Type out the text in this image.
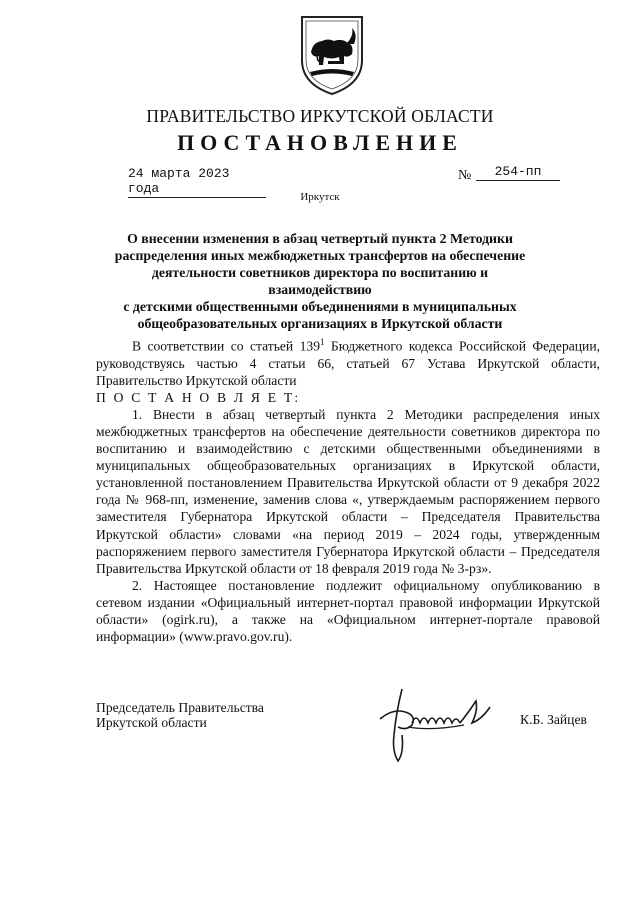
ПРАВИТЕЛЬСТВО ИРКУТСКОЙ ОБЛАСТИ
ПОСТАНОВЛЕНИЕ
24 марта 2023 года
№	254-пп
Иркутск
О внесении изменения в абзац четвертый пункта 2 Методики
распределения иных межбюджетных трансфертов на обеспечение
деятельности советников директора по воспитанию и взаимодействию
с детскими общественными объединениями в муниципальных
общеобразовательных организациях в Иркутской области

В соответствии со статьей $139^1$ Бюджетного кодекса Российской Федерации, руководствуясь частью 4 статьи 66, статьей 67 Устава Иркутской области, Правительство Иркутской области

П О С Т А Н О В Л Я Е Т:

1. Внести в абзац четвертый пункта 2 Методики распределения иных межбюджетных трансфертов на обеспечение деятельности советников директора по воспитанию и взаимодействию с детскими общественными объединениями в муниципальных общеобразовательных организациях в Иркутской области, установленной постановлением Правительства Иркутской области от 9 декабря 2022 года № 968-пп, изменение, заменив слова «, утверждаемым распоряжением первого заместителя Губернатора Иркутской области – Председателя Правительства Иркутской области» словами «на период 2019 – 2024 годы, утвержденным распоряжением первого заместителя Губернатора Иркутской области – Председателя Правительства Иркутской области от 18 февраля 2019 года № 3-рз».

2. Настоящее постановление подлежит официальному опубликованию в сетевом издании «Официальный интернет-портал правовой информации Иркутской области» (ogirk.ru), а также на «Официальном интернет-портале правовой информации» (www.pravo.gov.ru).

Председатель Правительства
Иркутской области	К.Б. Зайцев
